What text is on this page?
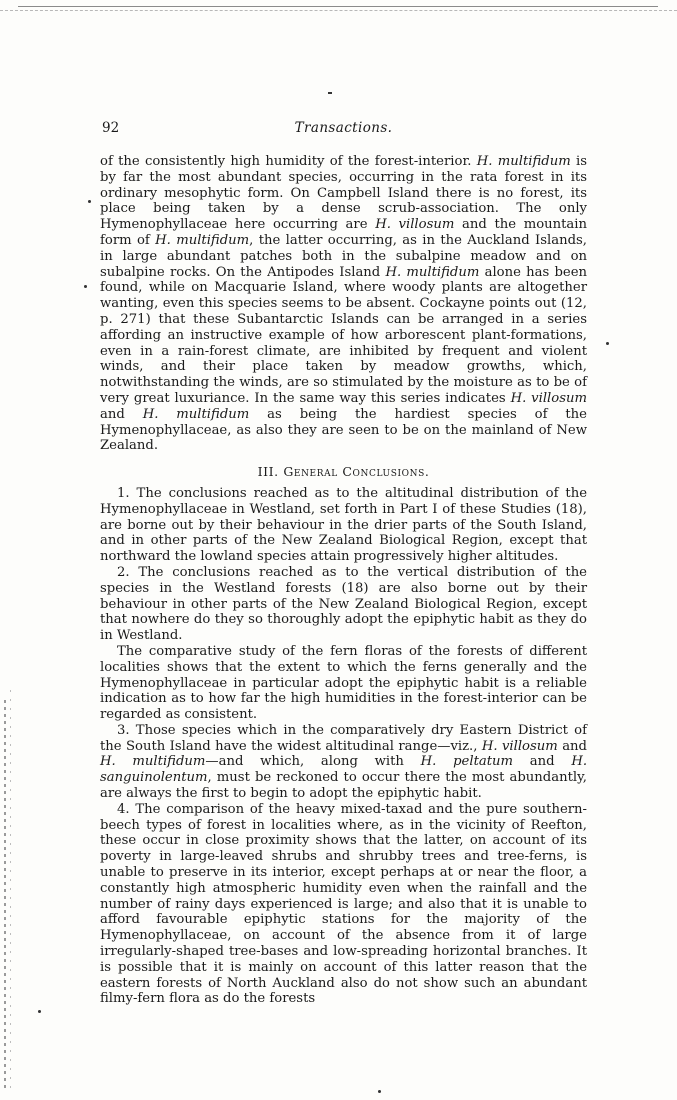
92	Transactions.

of the consistently high humidity of the forest-interior. H. multifidum is by far the most abundant species, occurring in the rata forest in its ordinary mesophytic form. On Campbell Island there is no forest, its place being taken by a dense scrub-association. The only Hymenophyllaceae here occurring are H. villosum and the mountain form of H. multifidum, the latter occurring, as in the Auckland Islands, in large abundant patches both in the subalpine meadow and on subalpine rocks. On the Antipodes Island H. multifidum alone has been found, while on Macquarie Island, where woody plants are altogether wanting, even this species seems to be absent. Cockayne points out (12, p. 271) that these Subantarctic Islands can be arranged in a series affording an instructive example of how arborescent plant-formations, even in a rain-forest climate, are inhibited by frequent and violent winds, and their place taken by meadow growths, which, notwithstanding the winds, are so stimulated by the moisture as to be of very great luxuriance. In the same way this series indicates H. villosum and H. multifidum as being the hardiest species of the Hymenophyllaceae, as also they are seen to be on the mainland of New Zealand.

III. General Conclusions.

1. The conclusions reached as to the altitudinal distribution of the Hymenophyllaceae in Westland, set forth in Part I of these Studies (18), are borne out by their behaviour in the drier parts of the South Island, and in other parts of the New Zealand Biological Region, except that northward the lowland species attain progressively higher altitudes.

2. The conclusions reached as to the vertical distribution of the species in the Westland forests (18) are also borne out by their behaviour in other parts of the New Zealand Biological Region, except that nowhere do they so thoroughly adopt the epiphytic habit as they do in Westland.

The comparative study of the fern floras of the forests of different localities shows that the extent to which the ferns generally and the Hymenophyllaceae in particular adopt the epiphytic habit is a reliable indication as to how far the high humidities in the forest-interior can be regarded as consistent.

3. Those species which in the comparatively dry Eastern District of the South Island have the widest altitudinal range—viz., H. villosum and H. multifidum—and which, along with H. peltatum and H. sanguinolentum, must be reckoned to occur there the most abundantly, are always the first to begin to adopt the epiphytic habit.

4. The comparison of the heavy mixed-taxad and the pure southern-beech types of forest in localities where, as in the vicinity of Reefton, these occur in close proximity shows that the latter, on account of its poverty in large-leaved shrubs and shrubby trees and tree-ferns, is unable to preserve in its interior, except perhaps at or near the floor, a constantly high atmospheric humidity even when the rainfall and the number of rainy days experienced is large; and also that it is unable to afford favourable epiphytic stations for the majority of the Hymenophyllaceae, on account of the absence from it of large irregularly-shaped tree-bases and low-spreading horizontal branches. It is possible that it is mainly on account of this latter reason that the eastern forests of North Auckland also do not show such an abundant filmy-fern flora as do the forests
